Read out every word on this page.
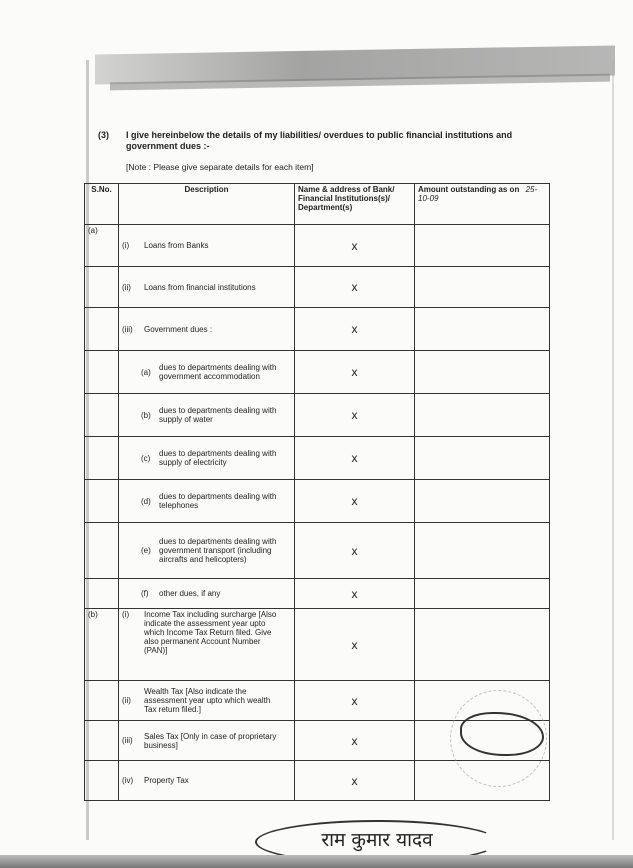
(3) I give hereinbelow the details of my liabilities/ overdues to public financial institutions and government dues :-
[Note : Please give separate details for each item]
S.No.	Description	Name & address of Bank/ Financial Institutions(s)/ Department(s)	Amount outstanding as on 25-10-09
(a)	(i) Loans from Banks	x	
	(ii) Loans from financial institutions	x	
	(iii) Government dues :	x	
	(a) dues to departments dealing with government accommodation	x	
	(b) dues to departments dealing with supply of water	x	
	(c) dues to departments dealing with supply of electricity	x	
	(d) dues to departments dealing with telephones	x	
	(e)dues to departments dealing with government transport (including aircrafts and helicopters)	x	
	(f) other dues, if any	x	
(b)	(i) Income Tax including surcharge [Also indicate the assessment year upto which Income Tax Return filed. Give also permanent Account Number (PAN)]	x	
	(ii)Wealth Tax [Also indicate the assessment year upto which wealth Tax return filed.]	x	
	(iii) Sales Tax [Only in case of proprietary business]	x	
	(iv) Property Tax	x	
राम कुमार यादव
